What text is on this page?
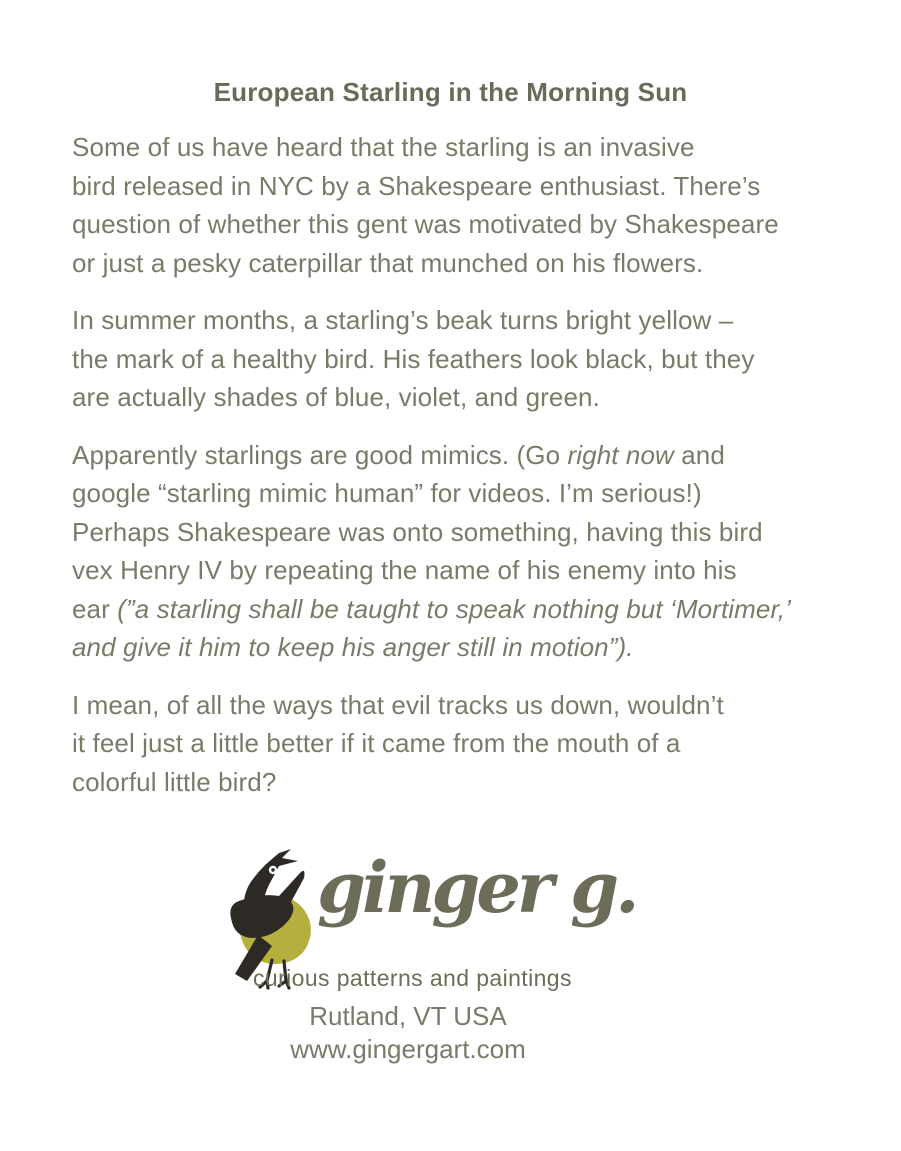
European Starling in the Morning Sun
Some of us have heard that the starling is an invasive
bird released in NYC by a Shakespeare enthusiast. There’s
question of whether this gent was motivated by Shakespeare
or just a pesky caterpillar that munched on his flowers.
In summer months, a starling’s beak turns bright yellow –
the mark of a healthy bird. His feathers look black, but they
are actually shades of blue, violet, and green.
Apparently starlings are good mimics. (Go right now and
google “starling mimic human” for videos. I’m serious!)
Perhaps Shakespeare was onto something, having this bird
vex Henry IV by repeating the name of his enemy into his
ear (”a starling shall be taught to speak nothing but ‘Mortimer,’
and give it him to keep his anger still in motion”).
I mean, of all the ways that evil tracks us down, wouldn’t
it feel just a little better if it came from the mouth of a
colorful little bird?
ginger g.
curious patterns and paintings
Rutland, VT USA
www.gingergart.com
